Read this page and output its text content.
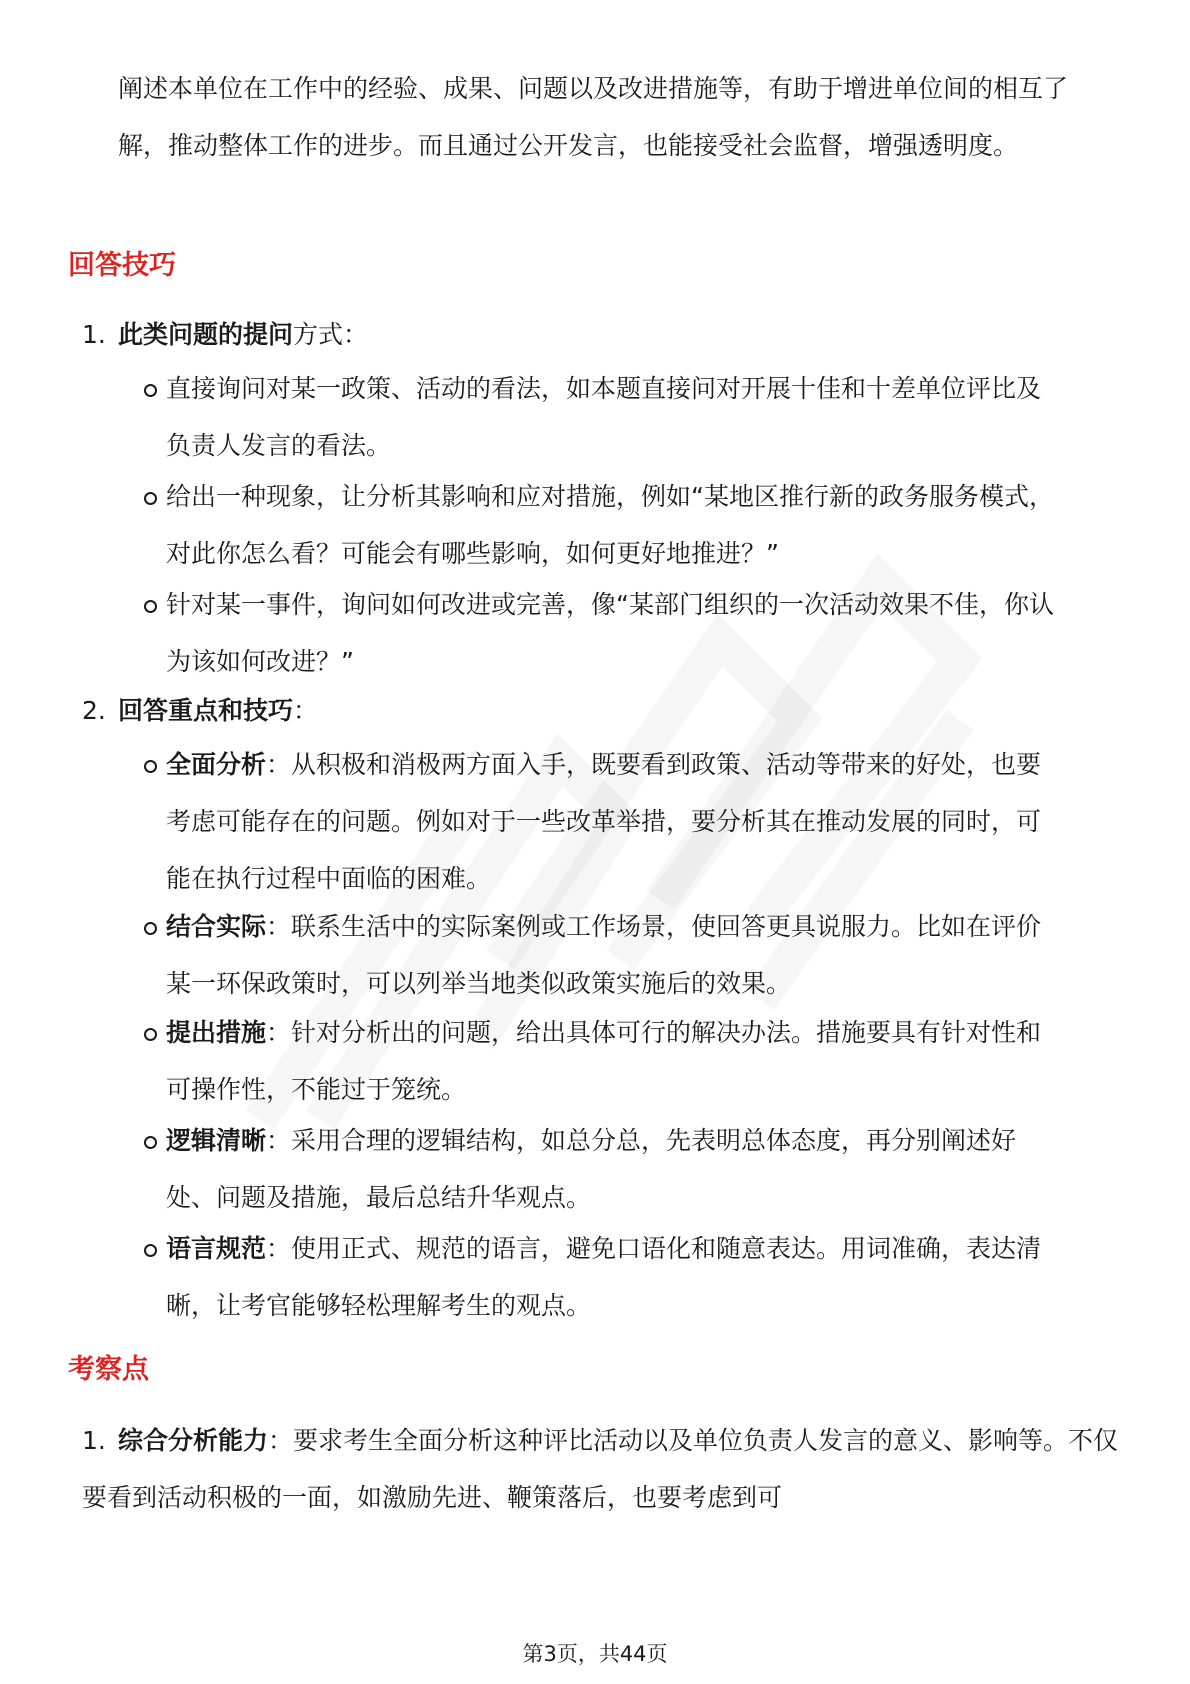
阐述本单位在工作中的经验、成果、问题以及改进措施等，有助于增进单位间的相互了解，推动整体工作的进步。而且通过公开发言，也能接受社会监督，增强透明度。

回答技巧
1. 此类问题的提问方式：
直接询问对某一政策、活动的看法，如本题直接问对开展十佳和十差单位评比及负责人发言的看法。
给出一种现象，让分析其影响和应对措施，例如“某地区推行新的政务服务模式，对此你怎么看？可能会有哪些影响，如何更好地推进？”
针对某一事件，询问如何改进或完善，像“某部门组织的一次活动效果不佳，你认为该如何改进？”
2. 回答重点和技巧：
全面分析：从积极和消极两方面入手，既要看到政策、活动等带来的好处，也要考虑可能存在的问题。例如对于一些改革举措，要分析其在推动发展的同时，可能在执行过程中面临的困难。
结合实际：联系生活中的实际案例或工作场景，使回答更具说服力。比如在评价某一环保政策时，可以列举当地类似政策实施后的效果。
提出措施：针对分析出的问题，给出具体可行的解决办法。措施要具有针对性和可操作性，不能过于笼统。
逻辑清晰：采用合理的逻辑结构，如总分总，先表明总体态度，再分别阐述好处、问题及措施，最后总结升华观点。
语言规范：使用正式、规范的语言，避免口语化和随意表达。用词准确，表达清晰，让考官能够轻松理解考生的观点。
考察点
1. 综合分析能力：要求考生全面分析这种评比活动以及单位负责人发言的意义、影响等。不仅要看到活动积极的一面，如激励先进、鞭策落后，也要考虑到可
第3页，共44页
